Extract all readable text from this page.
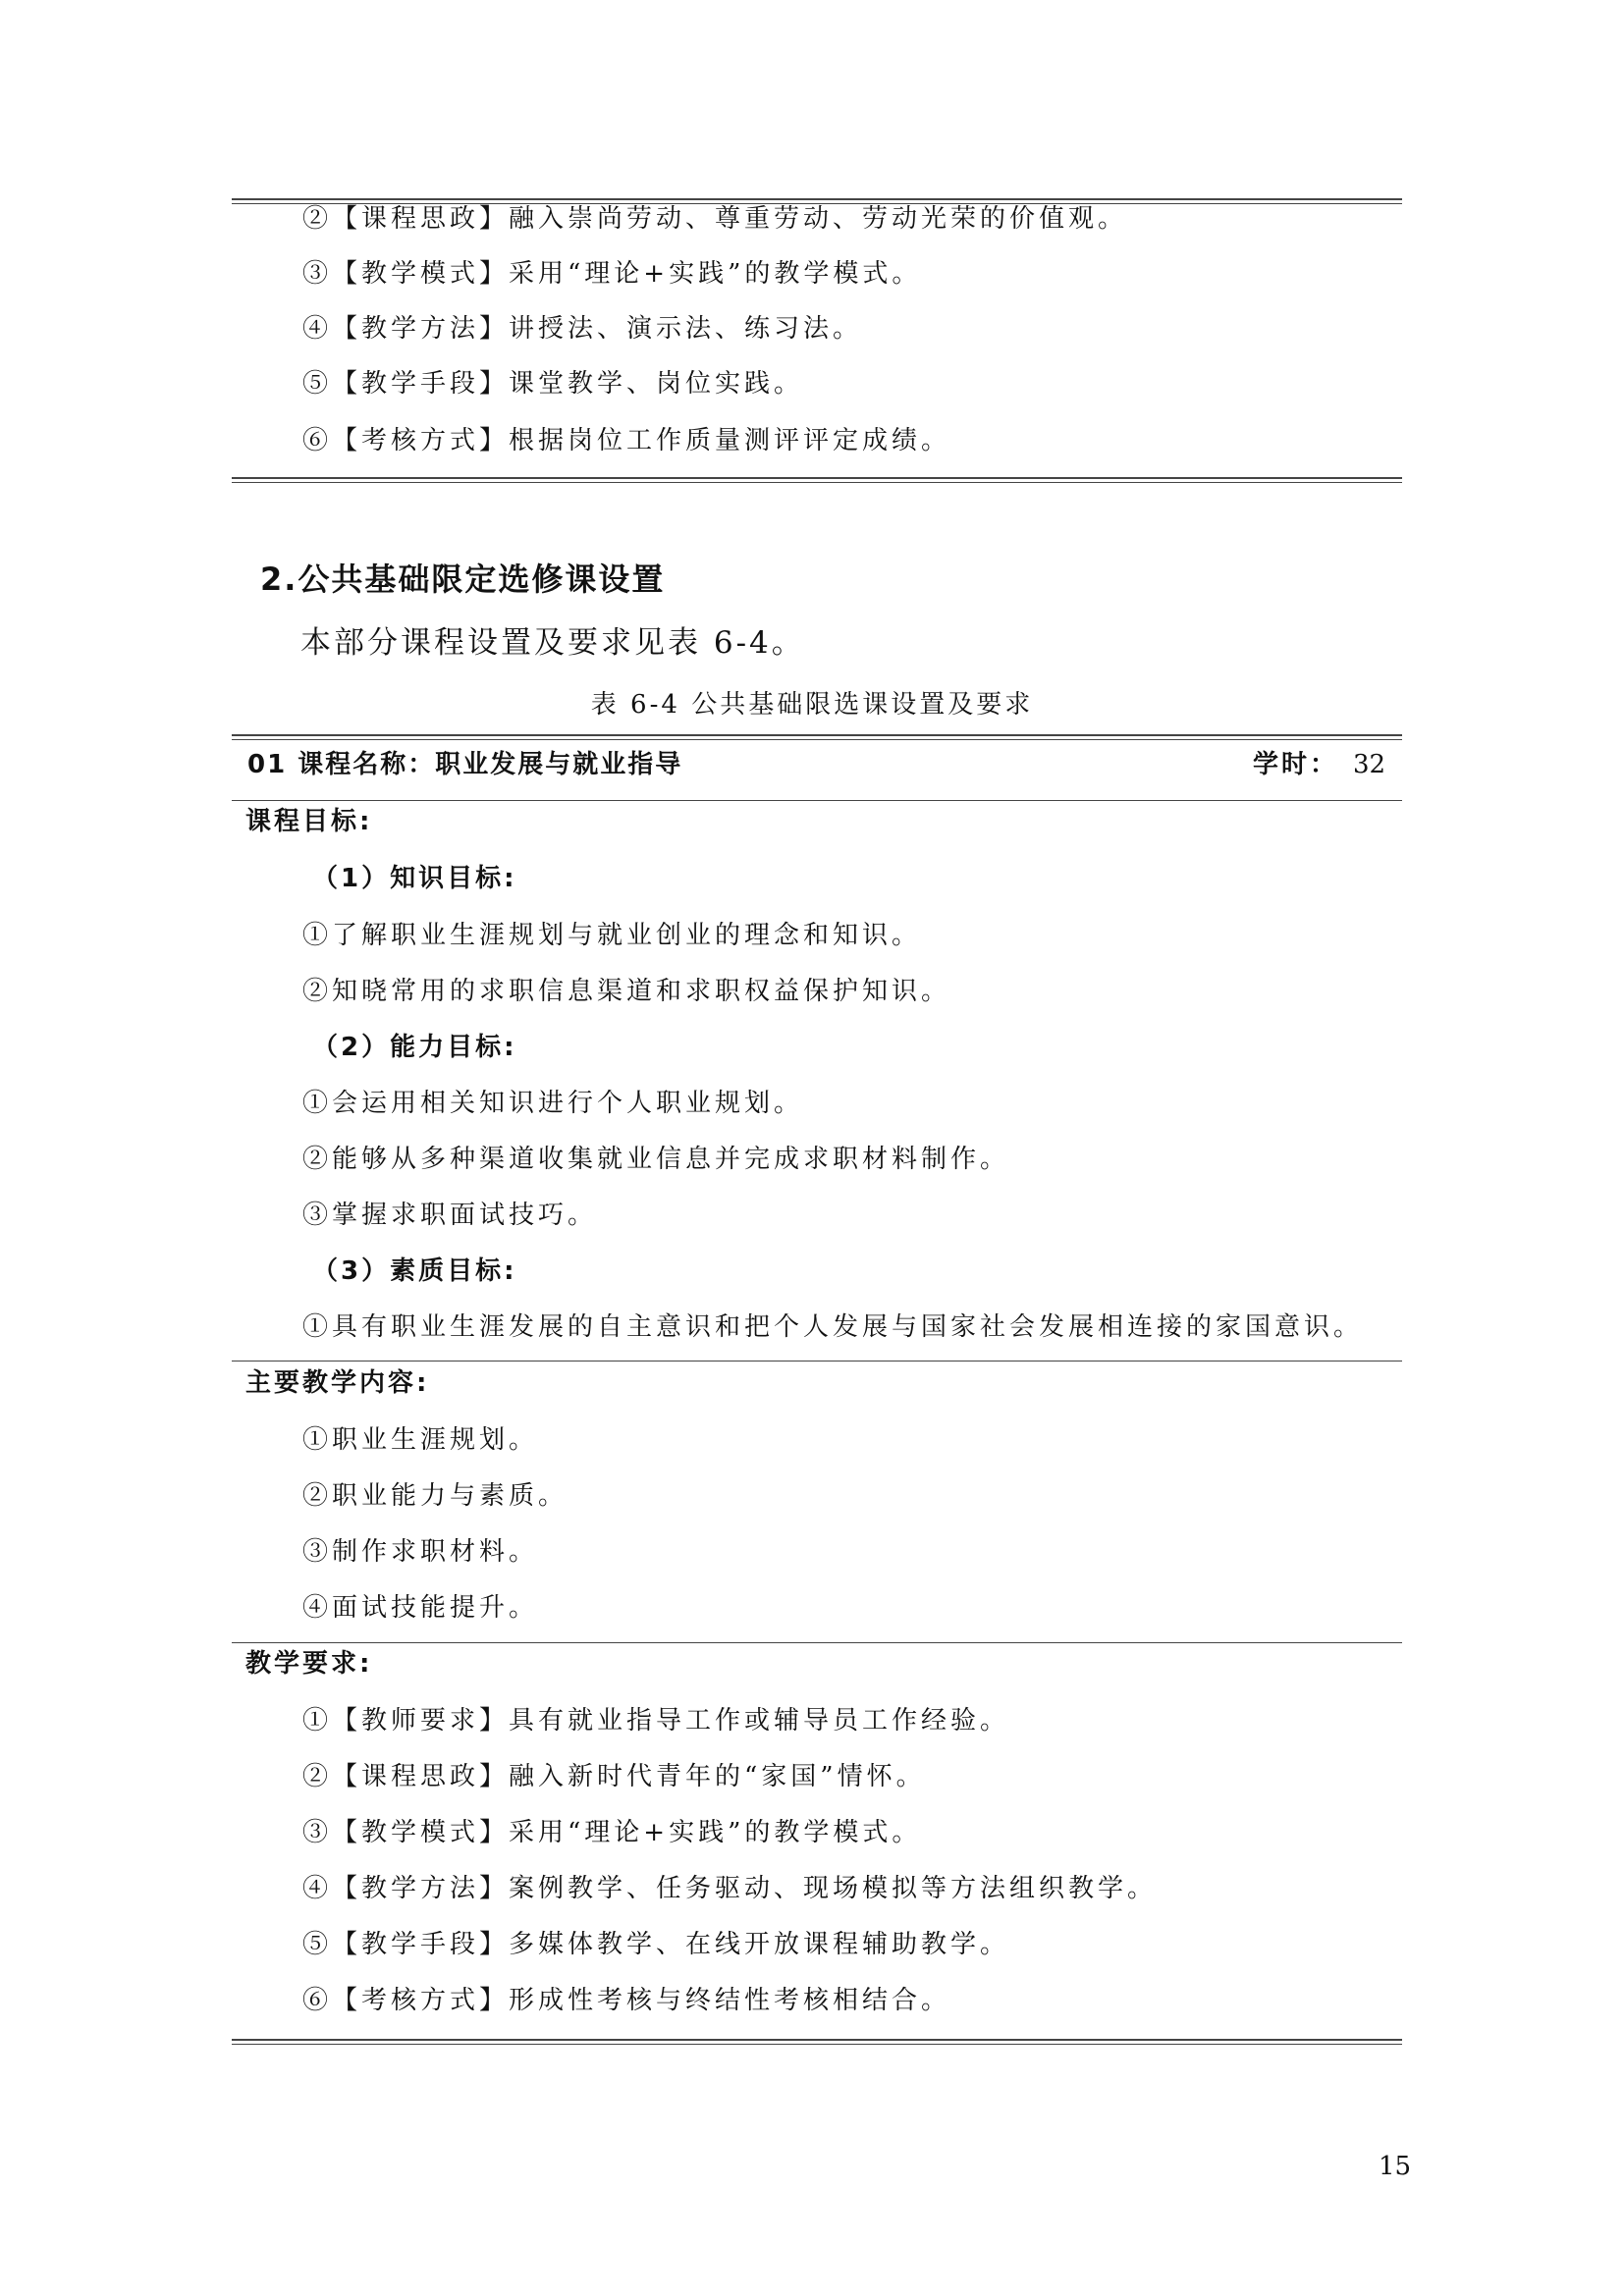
②【课程思政】融入崇尚劳动、尊重劳动、劳动光荣的价值观。
③【教学模式】采用“理论+实践”的教学模式。
④【教学方法】讲授法、演示法、练习法。
⑤【教学手段】课堂教学、岗位实践。
⑥【考核方式】根据岗位工作质量测评评定成绩。
2.公共基础限定选修课设置
本部分课程设置及要求见表 6-4。
表 6-4 公共基础限选课设置及要求
01 课程名称：职业发展与就业指导	学时： 32
课程目标:
（1）知识目标:
①了解职业生涯规划与就业创业的理念和知识。
②知晓常用的求职信息渠道和求职权益保护知识。
（2）能力目标:
①会运用相关知识进行个人职业规划。
②能够从多种渠道收集就业信息并完成求职材料制作。
③掌握求职面试技巧。
（3）素质目标:
①具有职业生涯发展的自主意识和把个人发展与国家社会发展相连接的家国意识。
主要教学内容:
①职业生涯规划。
②职业能力与素质。
③制作求职材料。
④面试技能提升。
教学要求:
①【教师要求】具有就业指导工作或辅导员工作经验。
②【课程思政】融入新时代青年的“家国”情怀。
③【教学模式】采用“理论+实践”的教学模式。
④【教学方法】案例教学、任务驱动、现场模拟等方法组织教学。
⑤【教学手段】多媒体教学、在线开放课程辅助教学。
⑥【考核方式】形成性考核与终结性考核相结合。
15
